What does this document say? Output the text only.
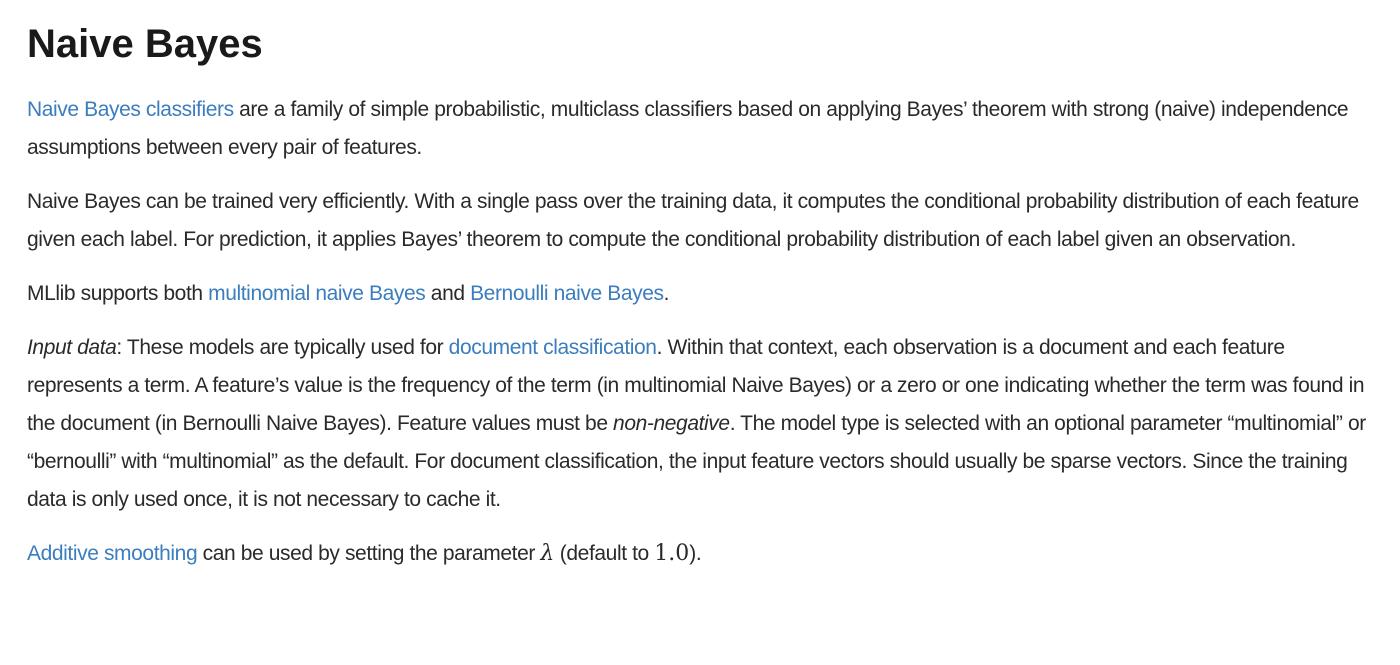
Naive Bayes

Naive Bayes classifiers are a family of simple probabilistic, multiclass classifiers based on applying Bayes’ theorem with strong (naive) independence assumptions between every pair of features.

Naive Bayes can be trained very efficiently. With a single pass over the training data, it computes the conditional probability distribution of each feature given each label. For prediction, it applies Bayes’ theorem to compute the conditional probability distribution of each label given an observation.

MLlib supports both multinomial naive Bayes and Bernoulli naive Bayes.

Input data: These models are typically used for document classification. Within that context, each observation is a document and each feature represents a term. A feature’s value is the frequency of the term (in multinomial Naive Bayes) or a zero or one indicating whether the term was found in the document (in Bernoulli Naive Bayes). Feature values must be non-negative. The model type is selected with an optional parameter “multinomial” or “bernoulli” with “multinomial” as the default. For document classification, the input feature vectors should usually be sparse vectors. Since the training data is only used once, it is not necessary to cache it.

Additive smoothing can be used by setting the parameter λ (default to 1.0).
